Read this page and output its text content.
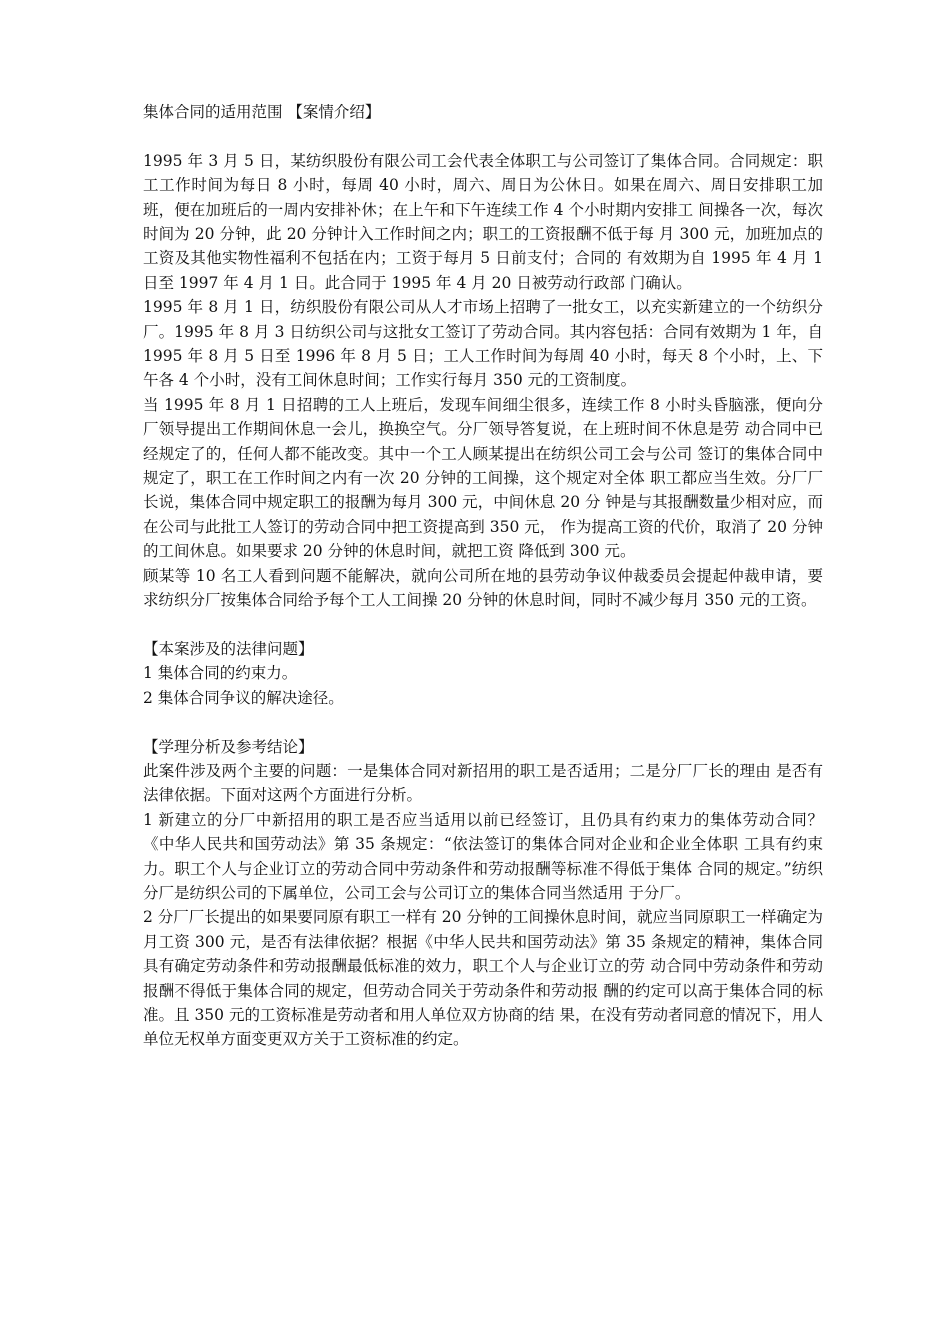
集体合同的适用范围 【案情介绍】

1995 年 3 月 5 日，某纺织股份有限公司工会代表全体职工与公司签订了集体合同。合同规定：职工工作时间为每日 8 小时，每周 40 小时，周六、周日为公休日。如果在周六、周日安排职工加班，便在加班后的一周内安排补休；在上午和下午连续工作 4 个小时期内安排工 间操各一次，每次时间为 20 分钟，此 20 分钟计入工作时间之内；职工的工资报酬不低于每 月 300 元，加班加点的工资及其他实物性福利不包括在内；工资于每月 5 日前支付；合同的 有效期为自 1995 年 4 月 1 日至 1997 年 4 月 1 日。此合同于 1995 年 4 月 20 日被劳动行政部 门确认。

1995 年 8 月 1 日，纺织股份有限公司从人才市场上招聘了一批女工，以充实新建立的一个纺织分厂。1995 年 8 月 3 日纺织公司与这批女工签订了劳动合同。其内容包括：合同有效期为 1 年，自 1995 年 8 月 5 日至 1996 年 8 月 5 日；工人工作时间为每周 40 小时，每天 8 个小时，上、下午各 4 个小时，没有工间休息时间；工作实行每月 350 元的工资制度。

当 1995 年 8 月 1 日招聘的工人上班后，发现车间细尘很多，连续工作 8 小时头昏脑涨，便向分厂领导提出工作期间休息一会儿，换换空气。分厂领导答复说，在上班时间不休息是劳 动合同中已经规定了的，任何人都不能改变。其中一个工人顾某提出在纺织公司工会与公司 签订的集体合同中规定了，职工在工作时间之内有一次 20 分钟的工间操，这个规定对全体 职工都应当生效。分厂厂长说，集体合同中规定职工的报酬为每月 300 元，中间休息 20 分 钟是与其报酬数量少相对应，而在公司与此批工人签订的劳动合同中把工资提高到 350 元， 作为提高工资的代价，取消了 20 分钟的工间休息。如果要求 20 分钟的休息时间，就把工资 降低到 300 元。

顾某等 10 名工人看到问题不能解决，就向公司所在地的县劳动争议仲裁委员会提起仲裁申请，要求纺织分厂按集体合同给予每个工人工间操 20 分钟的休息时间，同时不减少每月 350 元的工资。

【本案涉及的法律问题】

1 集体合同的约束力。

2 集体合同争议的解决途径。

【学理分析及参考结论】

此案件涉及两个主要的问题：一是集体合同对新招用的职工是否适用；二是分厂厂长的理由 是否有法律依据。下面对这两个方面进行分析。

1 新建立的分厂中新招用的职工是否应当适用以前已经签订，且仍具有约束力的集体劳动合同？《中华人民共和国劳动法》第 35 条规定：“依法签订的集体合同对企业和企业全体职 工具有约束力。职工个人与企业订立的劳动合同中劳动条件和劳动报酬等标准不得低于集体 合同的规定。”纺织分厂是纺织公司的下属单位，公司工会与公司订立的集体合同当然适用 于分厂。

2 分厂厂长提出的如果要同原有职工一样有 20 分钟的工间操休息时间，就应当同原职工一样确定为月工资 300 元，是否有法律依据？根据《中华人民共和国劳动法》第 35 条规定的精神，集体合同具有确定劳动条件和劳动报酬最低标准的效力，职工个人与企业订立的劳 动合同中劳动条件和劳动报酬不得低于集体合同的规定，但劳动合同关于劳动条件和劳动报 酬的约定可以高于集体合同的标准。且 350 元的工资标准是劳动者和用人单位双方协商的结 果，在没有劳动者同意的情况下，用人单位无权单方面变更双方关于工资标准的约定。
